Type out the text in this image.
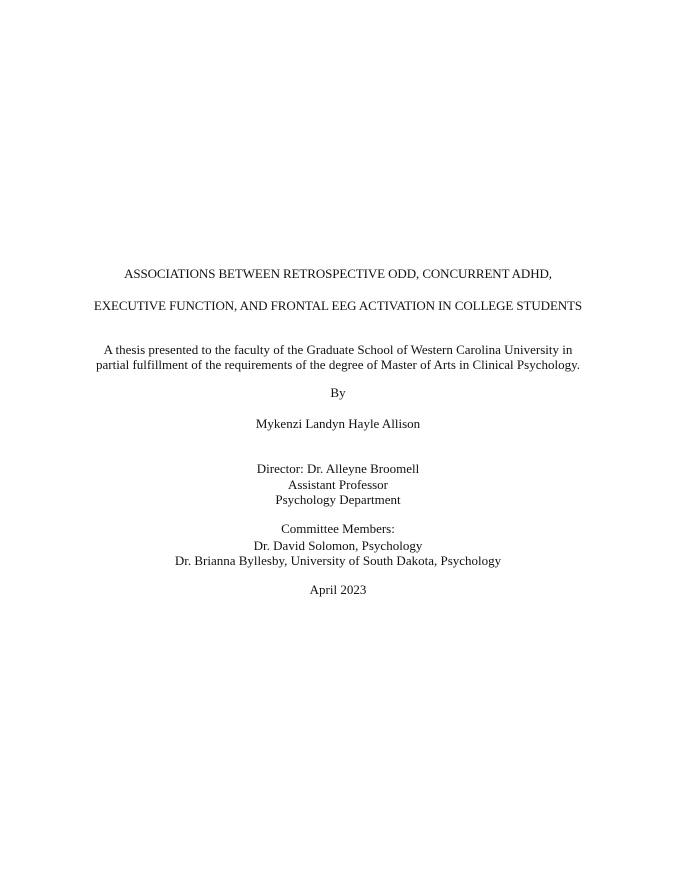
ASSOCIATIONS BETWEEN RETROSPECTIVE ODD, CONCURRENT ADHD,
EXECUTIVE FUNCTION, AND FRONTAL EEG ACTIVATION IN COLLEGE STUDENTS
A thesis presented to the faculty of the Graduate School of Western Carolina University in
partial fulfillment of the requirements of the degree of Master of Arts in Clinical Psychology.
By
Mykenzi Landyn Hayle Allison
Director: Dr. Alleyne Broomell
Assistant Professor
Psychology Department
Committee Members:
Dr. David Solomon, Psychology
Dr. Brianna Byllesby, University of South Dakota, Psychology
April 2023
